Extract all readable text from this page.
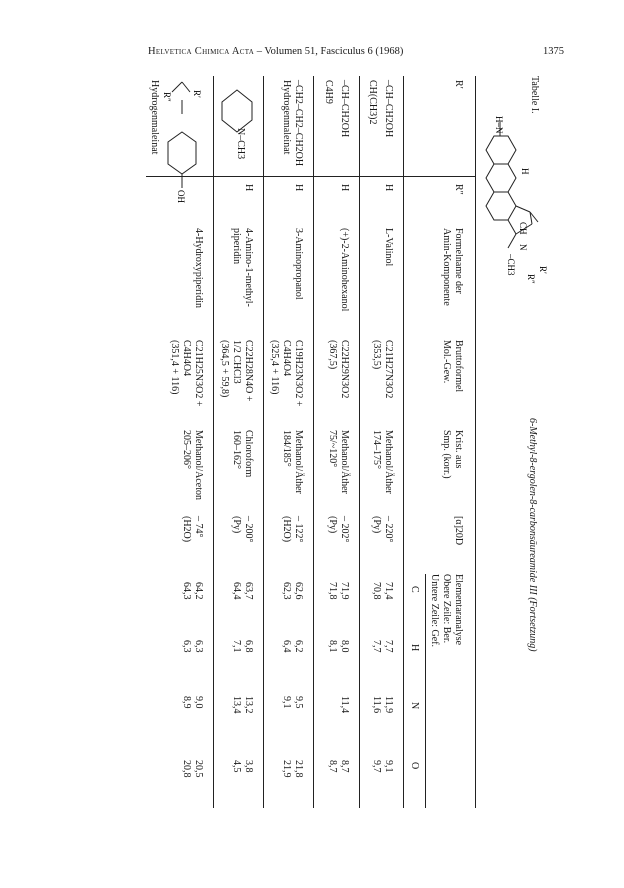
Helvetica Chimica Acta – Volumen 51, Fasciculus 6 (1968)	1375
Tabelle I.
6-Methyl-8-ergolen-8-carbonsäureamide III (Fortsetzung)
H–N
H
CH
N
–CH3 R′
R″
R′
R″
Formelname der
Amin-Komponente
Bruttoformel
Mol.-Gew.
Krist. aus
Smp. (korr.)
[α]20D
Elementaranalyse
Obere Zeile: Ber.
Untere Zeile: Gef.
C
H
N
O
–CH–CH2OH
CH(CH3)2
H
L-Valinol
C21H27N3O2
(353,5)
Methanol/Äther
174–175°
– 220°
(Py)
71,4
70,8
7,7
7,7
11,9
11,6
9,1
9,7
–CH–CH2OH
C4H9
H
(+)-2-Aminohexanol
C22H29N3O2
(367,5)
Methanol/Äther
75/~120°
– 202°
(Py)
71,9
71,8
8,0
8,1
11,4
8,7
8,7
–CH2–CH2–CH2OH
Hydrogenmaleinat
H
3-Aminopropanol
C19H23N3O2 +
C4H4O4
(325,4 + 116)
Methanol/Äther
184/185°
– 122°
(H2O)
62,6
62,3
6,2
6,4
9,5
9,1
21,8
21,9
N–CH3
H
4-Amino-1-methyl-
piperidin
C22H28N4O +
1/2 CHCl3
(364,5 + 59,8)
Chloroform
160–162°
– 200°
(Py)
63,7
64,4
6,8
7,1
13,2
13,4
3,8
4,5
R′
R″
OH
Hydrogenmaleinat
4-Hydroxypiperidin
C21H25N3O2 +
C4H4O4
(351,4 + 116)
Methanol/Aceton
205–206°
– 74°
(H2O)
64,2
64,3
6,3
6,3
9,0
8,9
20,5
20,8
